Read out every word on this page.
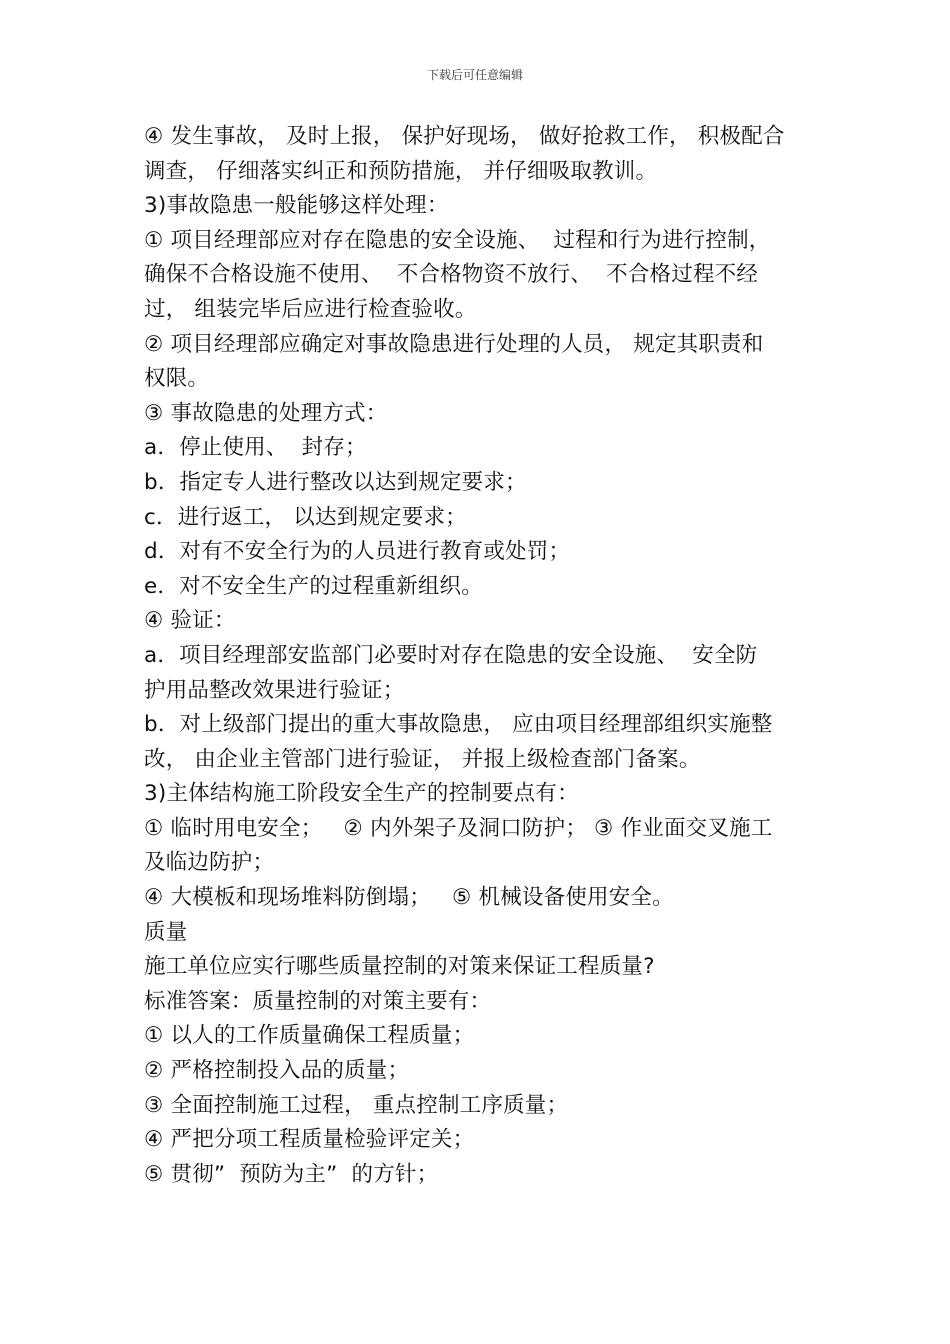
下载后可任意编辑
④ 发生事故， 及时上报， 保护好现场， 做好抢救工作， 积极配合
调查， 仔细落实纠正和预防措施， 并仔细吸取教训。
3)事故隐患一般能够这样处理：
① 项目经理部应对存在隐患的安全设施、  过程和行为进行控制，
确保不合格设施不使用、  不合格物资不放行、  不合格过程不经
过， 组装完毕后应进行检查验收。
② 项目经理部应确定对事故隐患进行处理的人员， 规定其职责和
权限。
③ 事故隐患的处理方式：
a．停止使用、  封存；
b．指定专人进行整改以达到规定要求；
c．进行返工， 以达到规定要求；
d．对有不安全行为的人员进行教育或处罚；
e．对不安全生产的过程重新组织。
④ 验证：
a．项目经理部安监部门必要时对存在隐患的安全设施、  安全防
护用品整改效果进行验证；
b．对上级部门提出的重大事故隐患， 应由项目经理部组织实施整
改， 由企业主管部门进行验证， 并报上级检查部门备案。
3)主体结构施工阶段安全生产的控制要点有：
① 临时用电安全；   ② 内外架子及洞口防护； ③ 作业面交叉施工
及临边防护；
④ 大模板和现场堆料防倒塌；   ⑤ 机械设备使用安全。
质量
施工单位应实行哪些质量控制的对策来保证工程质量?
标准答案：质量控制的对策主要有：
① 以人的工作质量确保工程质量；
② 严格控制投入品的质量；
③ 全面控制施工过程， 重点控制工序质量；
④ 严把分项工程质量检验评定关；
⑤ 贯彻”  预防为主”  的方针；
